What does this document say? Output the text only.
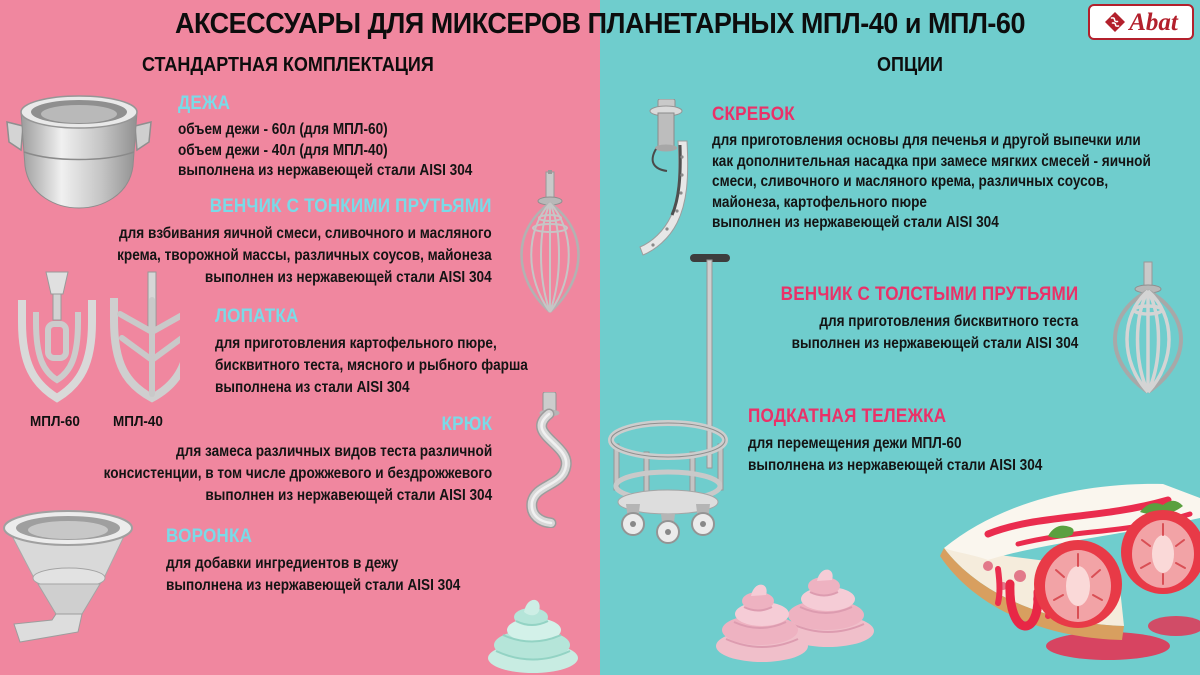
АКСЕССУАРЫ ДЛЯ МИКСЕРОВ ПЛАНЕТАРНЫХ МПЛ-40 и МПЛ-60	Abat
СТАНДАРТНАЯ КОМПЛЕКТАЦИЯ	ОПЦИИ
ДЕЖА
объем дежи - 60л (для МПЛ-60)
объем дежи - 40л (для МПЛ-40)
выполнена из нержавеющей стали AISI 304
ВЕНЧИК С ТОНКИМИ ПРУТЬЯМИ
для взбивания яичной смеси, сливочного и масляного
крема, творожной массы, различных соусов, майонеза
выполнен из нержавеющей стали AISI 304
ЛОПАТКА
для приготовления картофельного пюре,
бисквитного теста, мясного и рыбного фарша
выполнена из стали AISI 304
КРЮК
для замеса различных видов теста различной
консистенции, в том числе дрожжевого и бездрожжевого
выполнен из нержавеющей стали AISI 304
ВОРОНКА
для добавки ингредиентов в дежу
выполнена из нержавеющей стали AISI 304
МПЛ-60 МПЛ-40
СКРЕБОК
для приготовления основы для печенья и другой выпечки или
как дополнительная насадка при замесе мягких смесей - яичной
смеси, сливочного и масляного крема, различных соусов,
майонеза, картофельного пюре
выполнен из нержавеющей стали AISI 304
ВЕНЧИК С ТОЛСТЫМИ ПРУТЬЯМИ
для приготовления бисквитного теста
выполнен из нержавеющей стали AISI 304
ПОДКАТНАЯ ТЕЛЕЖКА
для перемещения дежи МПЛ-60
выполнена из нержавеющей стали AISI 304
